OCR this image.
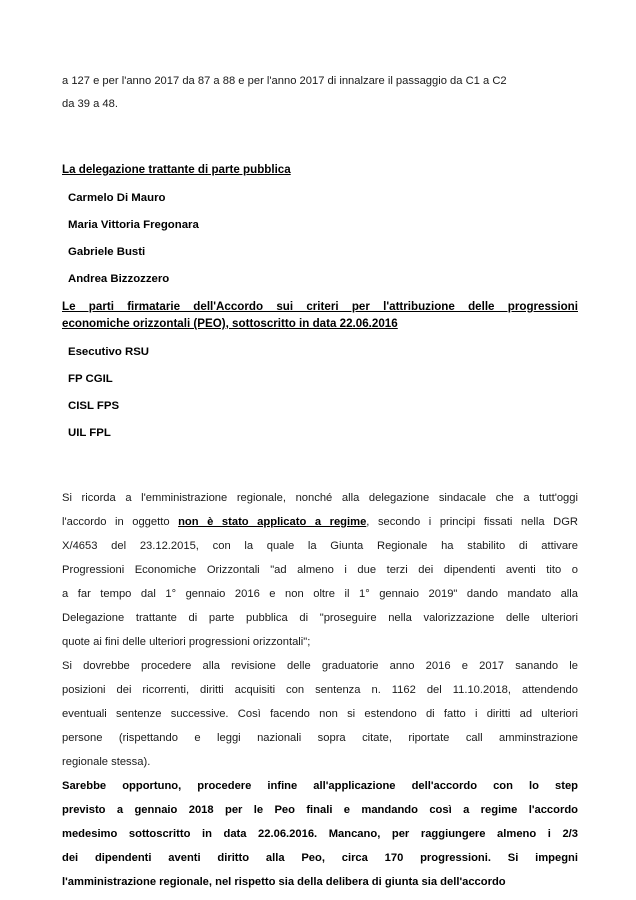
a 127 e per l'anno 2017 da 87 a 88 e per l'anno 2017 di innalzare il passaggio da C1 a C2
da 39 a 48.

La delegazione trattante di parte pubblica

Carmelo Di Mauro
Maria Vittoria Fregonara
Gabriele Busti
Andrea Bizzozzero

Le parti firmatarie dell'Accordo sui criteri per l'attribuzione delle progressioni
economiche orizzontali (PEO), sottoscritto in data 22.06.2016

Esecutivo RSU
FP CGIL
CISL FPS
UIL FPL

Si ricorda a l'emministrazione regionale, nonché alla delegazione sindacale che a tutt'oggi
l'accordo in oggetto non è stato applicato a regime, secondo i principi fissati nella DGR
X/4653 del 23.12.2015, con la quale la Giunta Regionale ha stabilito di attivare
Progressioni Economiche Orizzontali "ad almeno i due terzi dei dipendenti aventi tito o
a far tempo dal 1° gennaio 2016 e non oltre il 1° gennaio 2019" dando mandato alla
Delegazione trattante di parte pubblica di "proseguire nella valorizzazione delle ulteriori
quote ai fini delle ulteriori progressioni orizzontali";

Si dovrebbe procedere alla revisione delle graduatorie anno 2016 e 2017 sanando le
posizioni dei ricorrenti, diritti acquisiti con sentenza n. 1162 del 11.10.2018, attendendo
eventuali sentenze successive. Così facendo non si estendono di fatto i diritti ad ulteriori
persone (rispettando e leggi nazionali sopra citate, riportate call amminstrazione
regionale stessa).

Sarebbe opportuno, procedere infine all'applicazione dell'accordo con lo step
previsto a gennaio 2018 per le Peo finali e mandando così a regime l'accordo
medesimo sottoscritto in data 22.06.2016. Mancano, per raggiungere almeno i 2/3
dei dipendenti aventi diritto alla Peo, circa 170 progressioni. Si impegni
l'amministrazione regionale, nel rispetto sia della delibera di giunta sia dell'accordo
